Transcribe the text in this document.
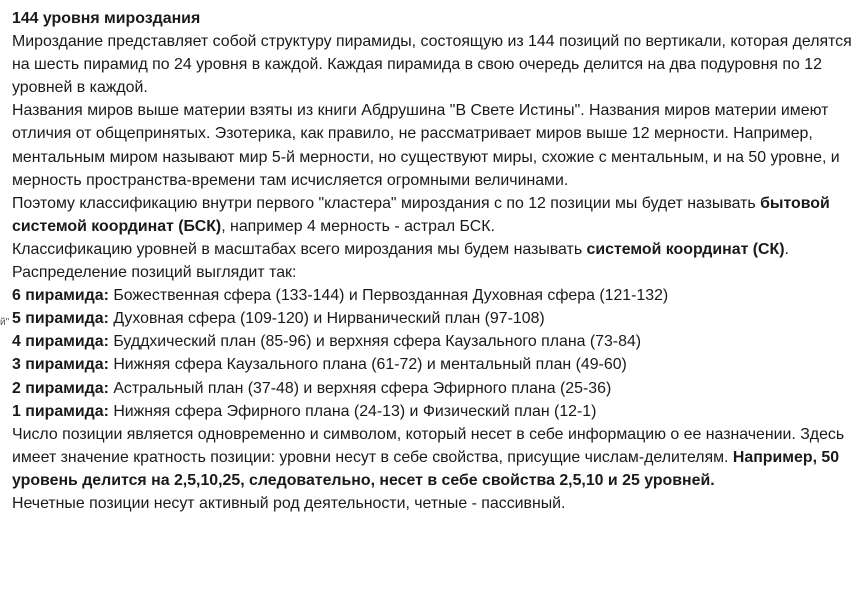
й"

144 уровня мироздания

Мироздание представляет собой структуру пирамиды, состоящую из 144 позиций по вертикали, которая делятся на шесть пирамид по 24 уровня в каждой. Каждая пирамида в свою очередь делится на два подуровня по 12 уровней в каждой.

Названия миров выше материи взяты из книги Абдрушина "В Свете Истины". Названия миров материи имеют отличия от общепринятых. Эзотерика, как правило, не рассматривает миров выше 12 мерности. Например, ментальным миром называют мир 5-й мерности, но существуют миры, схожие с ментальным, и на 50 уровне, и мерность пространства-времени там исчисляется огромными величинами.

Поэтому классификацию внутри первого "кластера" мироздания с по 12 позиции мы будет называть бытовой системой координат (БСК), например 4 мерность - астрал БСК.

Классификацию уровней в масштабах всего мироздания мы будем называть системой координат (СК).

Распределение позиций выглядит так:

6 пирамида: Божественная сфера (133-144) и Первозданная Духовная сфера (121-132)

5 пирамида: Духовная сфера (109-120) и Нирванический план (97-108)

4 пирамида: Буддхический план (85-96) и верхняя сфера Каузального плана (73-84)

3 пирамида: Нижняя сфера Каузального плана (61-72) и ментальный план (49-60)

2 пирамида: Астральный план (37-48) и верхняя сфера Эфирного плана (25-36)

1 пирамида: Нижняя сфера Эфирного плана (24-13) и Физический план (12-1)

Число позиции является одновременно и символом, который несет в себе информацию о ее назначении. Здесь имеет значение кратность позиции: уровни несут в себе свойства, присущие числам-делителям. Например, 50 уровень делится на 2,5,10,25, следовательно, несет в себе свойства 2,5,10 и 25 уровней.

Нечетные позиции несут активный род деятельности, четные - пассивный.
